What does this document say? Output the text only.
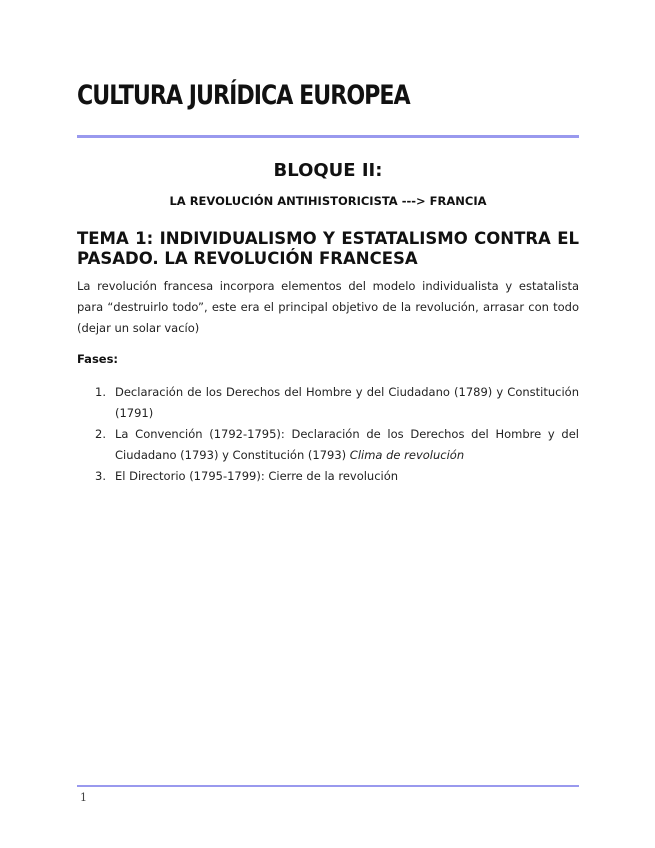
CULTURA JURÍDICA EUROPEA
BLOQUE II:
LA REVOLUCIÓN ANTIHISTORICISTA ---> FRANCIA
TEMA 1: INDIVIDUALISMO Y ESTATALISMO CONTRA EL PASADO. LA REVOLUCIÓN FRANCESA
La revolución francesa incorpora elementos del modelo individualista y estatalista para “destruirlo todo”, este era el principal objetivo de la revolución, arrasar con todo (dejar un solar vacío)
Fases:
1. Declaración de los Derechos del Hombre y del Ciudadano (1789) y Constitución (1791)
2. La Convención (1792-1795): Declaración de los Derechos del Hombre y del Ciudadano (1793) y Constitución (1793) Clima de revolución
3. El Directorio (1795-1799): Cierre de la revolución
1
